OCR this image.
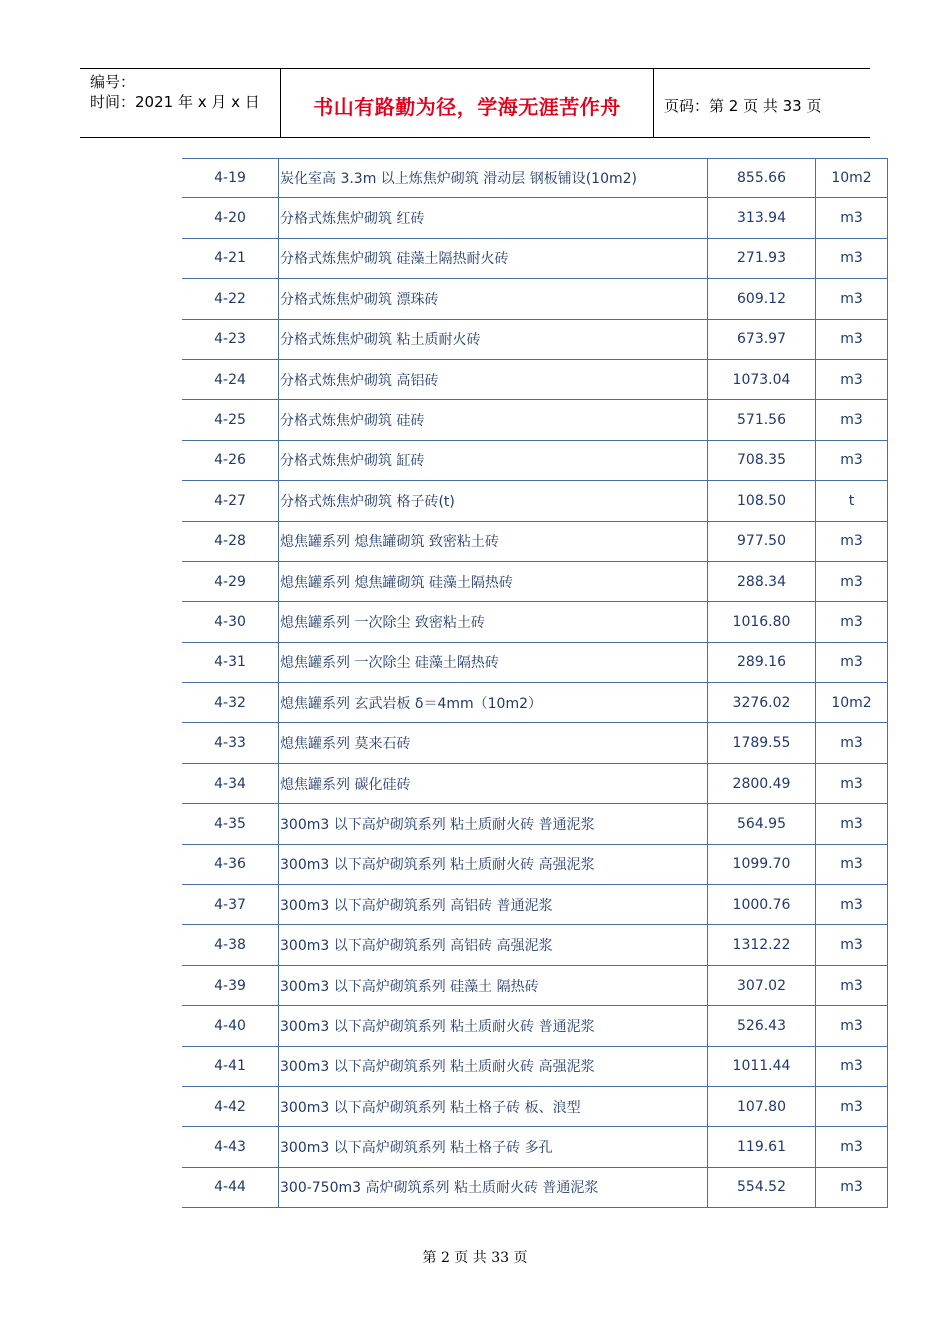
编号：
时间：2021 年 x 月 x 日	书山有路勤为径，学海无涯苦作舟	页码：第 2 页 共 33 页
4-19	炭化室高 3.3m 以上炼焦炉砌筑 滑动层 钢板铺设(10m2)	855.66	10m2
4-20	分格式炼焦炉砌筑 红砖	313.94	m3
4-21	分格式炼焦炉砌筑 硅藻土隔热耐火砖	271.93	m3
4-22	分格式炼焦炉砌筑 漂珠砖	609.12	m3
4-23	分格式炼焦炉砌筑 粘土质耐火砖	673.97	m3
4-24	分格式炼焦炉砌筑 高铝砖	1073.04	m3
4-25	分格式炼焦炉砌筑 硅砖	571.56	m3
4-26	分格式炼焦炉砌筑 缸砖	708.35	m3
4-27	分格式炼焦炉砌筑 格子砖(t)	108.50	t
4-28	熄焦罐系列 熄焦罐砌筑 致密粘土砖	977.50	m3
4-29	熄焦罐系列 熄焦罐砌筑 硅藻土隔热砖	288.34	m3
4-30	熄焦罐系列 一次除尘 致密粘土砖	1016.80	m3
4-31	熄焦罐系列 一次除尘 硅藻土隔热砖	289.16	m3
4-32	熄焦罐系列 玄武岩板 δ＝4mm（10m2）	3276.02	10m2
4-33	熄焦罐系列 莫来石砖	1789.55	m3
4-34	熄焦罐系列 碳化硅砖	2800.49	m3
4-35	300m3 以下高炉砌筑系列 粘土质耐火砖 普通泥浆	564.95	m3
4-36	300m3 以下高炉砌筑系列 粘土质耐火砖 高强泥浆	1099.70	m3
4-37	300m3 以下高炉砌筑系列 高铝砖 普通泥浆	1000.76	m3
4-38	300m3 以下高炉砌筑系列 高铝砖 高强泥浆	1312.22	m3
4-39	300m3 以下高炉砌筑系列 硅藻土 隔热砖	307.02	m3
4-40	300m3 以下高炉砌筑系列 粘土质耐火砖 普通泥浆	526.43	m3
4-41	300m3 以下高炉砌筑系列 粘土质耐火砖 高强泥浆	1011.44	m3
4-42	300m3 以下高炉砌筑系列 粘土格子砖 板、浪型	107.80	m3
4-43	300m3 以下高炉砌筑系列 粘土格子砖 多孔	119.61	m3
4-44	300-750m3 高炉砌筑系列 粘土质耐火砖 普通泥浆	554.52	m3
第 2 页 共 33 页
